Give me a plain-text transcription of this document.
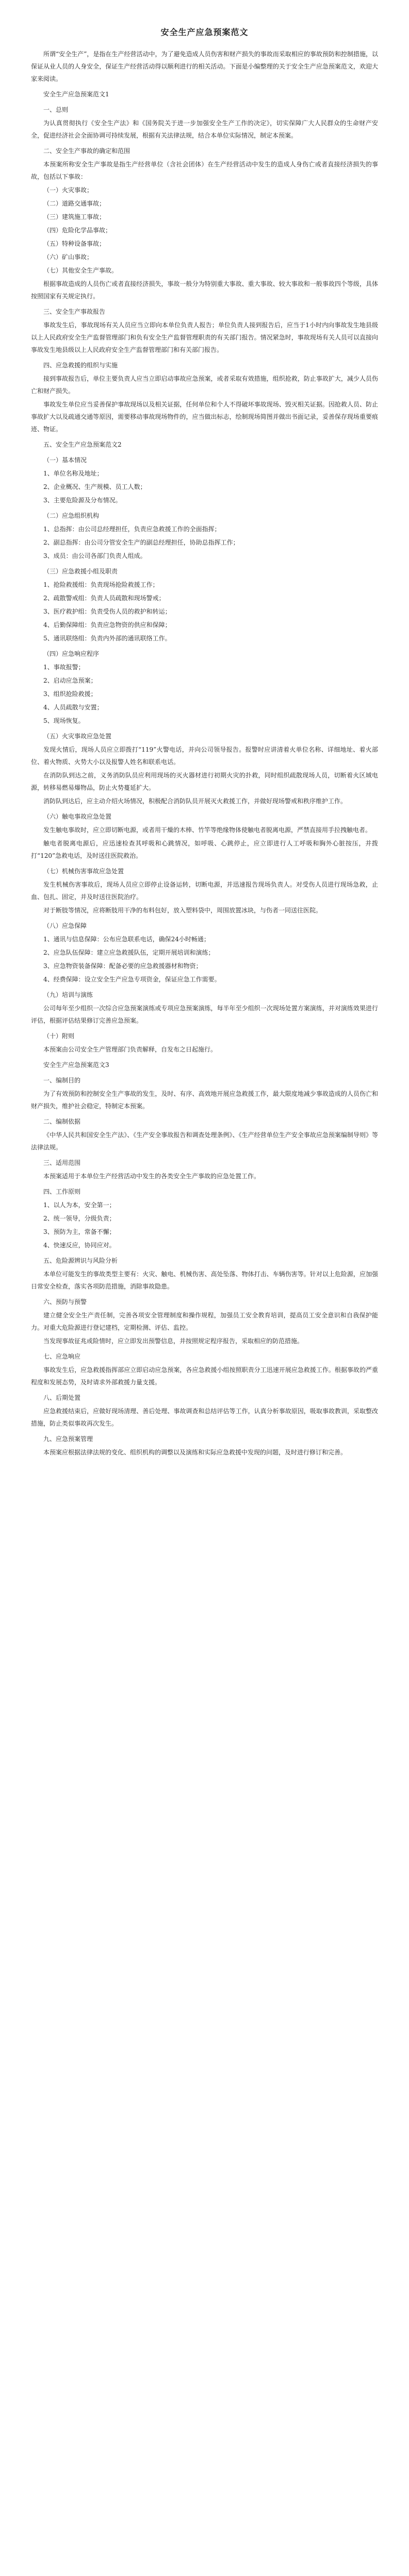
安全生产应急预案范文

所谓“安全生产”，是指在生产经营活动中，为了避免造成人员伤害和财产损失的事故而采取相应的事故预防和控制措施，以保证从业人员的人身安全，保证生产经营活动得以顺利进行的相关活动。下面是小编整理的关于安全生产应急预案范文，欢迎大家来阅读。

安全生产应急预案范文1

一、总则

为认真贯彻执行《安全生产法》和《国务院关于进一步加强安全生产工作的决定》，切实保障广大人民群众的生命财产安全，促进经济社会全面协调可持续发展，根据有关法律法规，结合本单位实际情况，制定本预案。

二、安全生产事故的确定和范围

本预案所称安全生产事故是指生产经营单位（含社会团体）在生产经营活动中发生的造成人身伤亡或者直接经济损失的事故，包括以下事故：

（一）火灾事故；

（二）道路交通事故；

（三）建筑施工事故；

（四）危险化学品事故；

（五）特种设备事故；

（六）矿山事故；

（七）其他安全生产事故。

根据事故造成的人员伤亡或者直接经济损失，事故一般分为特别重大事故、重大事故、较大事故和一般事故四个等级，具体按照国家有关规定执行。

三、安全生产事故报告

事故发生后，事故现场有关人员应当立即向本单位负责人报告；单位负责人接到报告后，应当于1小时内向事故发生地县级以上人民政府安全生产监督管理部门和负有安全生产监督管理职责的有关部门报告。情况紧急时，事故现场有关人员可以直接向事故发生地县级以上人民政府安全生产监督管理部门和有关部门报告。

四、应急救援的组织与实施

接到事故报告后，单位主要负责人应当立即启动事故应急预案，或者采取有效措施，组织抢救，防止事故扩大，减少人员伤亡和财产损失。

事故发生单位应当妥善保护事故现场以及相关证据，任何单位和个人不得破坏事故现场、毁灭相关证据。因抢救人员、防止事故扩大以及疏通交通等原因，需要移动事故现场物件的，应当做出标志，绘制现场简图并做出书面记录，妥善保存现场重要痕迹、物证。

五、安全生产应急预案范文2

（一）基本情况

1、单位名称及地址；

2、企业概况、生产规模、员工人数；

3、主要危险源及分布情况。

（二）应急组织机构

1、总指挥：由公司总经理担任，负责应急救援工作的全面指挥；

2、副总指挥：由公司分管安全生产的副总经理担任，协助总指挥工作；

3、成员：由公司各部门负责人组成。

（三）应急救援小组及职责

1、抢险救援组：负责现场抢险救援工作；

2、疏散警戒组：负责人员疏散和现场警戒；

3、医疗救护组：负责受伤人员的救护和转运；

4、后勤保障组：负责应急物资的供应和保障；

5、通讯联络组：负责内外部的通讯联络工作。

（四）应急响应程序

1、事故报警；

2、启动应急预案；

3、组织抢险救援；

4、人员疏散与安置；

5、现场恢复。

（五）火灾事故应急处置

发现火情后，现场人员应立即拨打“119”火警电话，并向公司领导报告。报警时应讲清着火单位名称、详细地址、着火部位、着火物质、火势大小以及报警人姓名和联系电话。

在消防队到达之前，义务消防队员应利用现场的灭火器材进行初期火灾的扑救，同时组织疏散现场人员，切断着火区域电源，转移易燃易爆物品，防止火势蔓延扩大。

消防队到达后，应主动介绍火场情况，积极配合消防队员开展灭火救援工作，并做好现场警戒和秩序维护工作。

（六）触电事故应急处置

发生触电事故时，应立即切断电源，或者用干燥的木棒、竹竿等绝缘物体使触电者脱离电源，严禁直接用手拉拽触电者。

触电者脱离电源后，应迅速检查其呼吸和心跳情况，如呼吸、心跳停止，应立即进行人工呼吸和胸外心脏按压，并拨打“120”急救电话，及时送往医院救治。

（七）机械伤害事故应急处置

发生机械伤害事故后，现场人员应立即停止设备运转，切断电源，并迅速报告现场负责人。对受伤人员进行现场急救，止血、包扎、固定，并及时送往医院治疗。

对于断肢等情况，应将断肢用干净的布料包好，放入塑料袋中，周围放置冰块，与伤者一同送往医院。

（八）应急保障

1、通讯与信息保障：公布应急联系电话，确保24小时畅通；

2、应急队伍保障：建立应急救援队伍，定期开展培训和演练；

3、应急物资装备保障：配备必要的应急救援器材和物资；

4、经费保障：设立安全生产应急专项资金，保证应急工作需要。

（九）培训与演练

公司每年至少组织一次综合应急预案演练或专项应急预案演练，每半年至少组织一次现场处置方案演练，并对演练效果进行评估，根据评估结果修订完善应急预案。

（十）附则

本预案由公司安全生产管理部门负责解释，自发布之日起施行。

安全生产应急预案范文3

一、编制目的

为了有效预防和控制安全生产事故的发生，及时、有序、高效地开展应急救援工作，最大限度地减少事故造成的人员伤亡和财产损失，维护社会稳定，特制定本预案。

二、编制依据

《中华人民共和国安全生产法》、《生产安全事故报告和调查处理条例》、《生产经营单位生产安全事故应急预案编制导则》等法律法规。

三、适用范围

本预案适用于本单位生产经营活动中发生的各类安全生产事故的应急处置工作。

四、工作原则

1、以人为本，安全第一；

2、统一领导，分级负责；

3、预防为主，常备不懈；

4、快速反应，协同应对。

五、危险源辨识与风险分析

本单位可能发生的事故类型主要有：火灾、触电、机械伤害、高处坠落、物体打击、车辆伤害等。针对以上危险源，应加强日常安全检查，落实各项防范措施，消除事故隐患。

六、预防与预警

建立健全安全生产责任制，完善各项安全管理制度和操作规程，加强员工安全教育培训，提高员工安全意识和自我保护能力。对重大危险源进行登记建档，定期检测、评估、监控。

当发现事故征兆或险情时，应立即发出预警信息，并按照规定程序报告，采取相应的防范措施。

七、应急响应

事故发生后，应急救援指挥部应立即启动应急预案，各应急救援小组按照职责分工迅速开展应急救援工作。根据事故的严重程度和发展态势，及时请求外部救援力量支援。

八、后期处置

应急救援结束后，应做好现场清理、善后处理、事故调查和总结评估等工作，认真分析事故原因，吸取事故教训，采取整改措施，防止类似事故再次发生。

九、应急预案管理

本预案应根据法律法规的变化、组织机构的调整以及演练和实际应急救援中发现的问题，及时进行修订和完善。
